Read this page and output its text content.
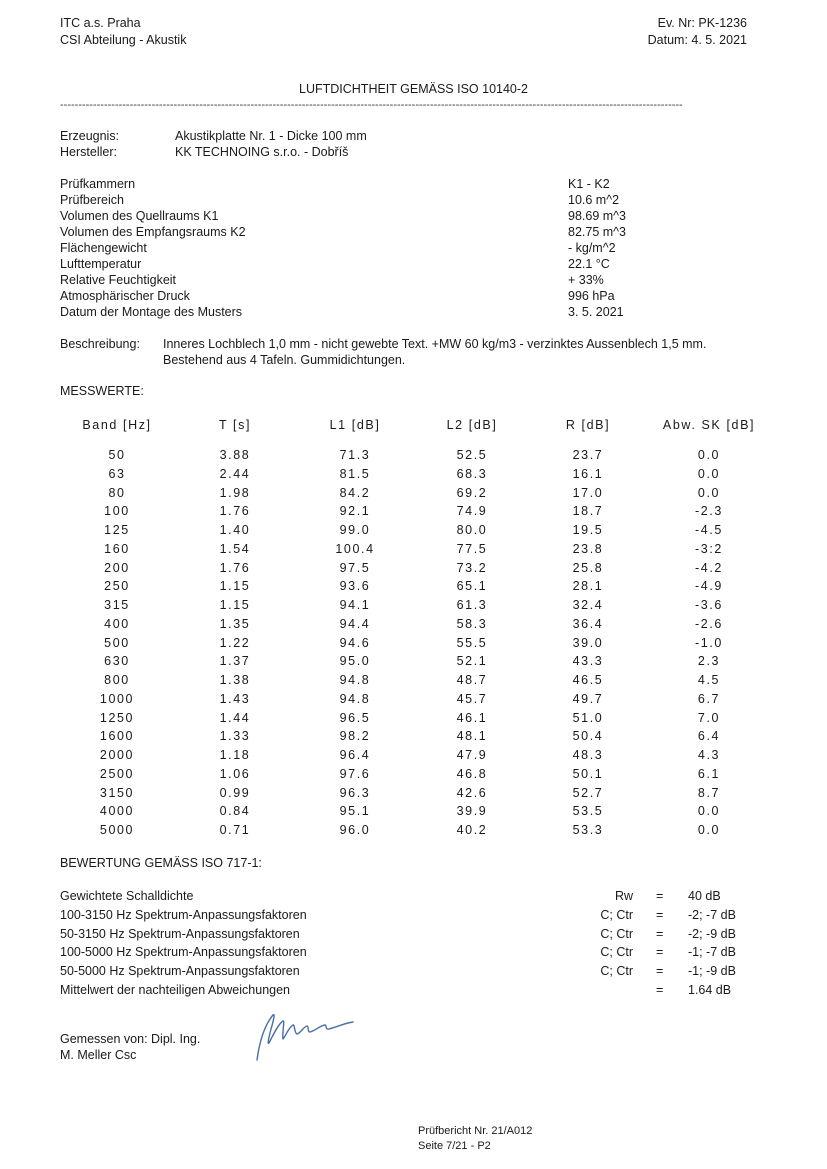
ITC a.s. Praha
CSI Abteilung - Akustik
Ev. Nr: PK-1236
Datum: 4. 5. 2021
LUFTDICHTHEIT GEMÄSS ISO 10140-2
--------------------------------------------------------------------------------------------------------------------------------------------------------------------------
Erzeugnis:	Akustikplatte Nr. 1 - Dicke 100 mm
Hersteller:	KK TECHNOING s.r.o. - Dobříš
Prüfkammern	K1 - K2
Prüfbereich	10.6 m^2
Volumen des Quellraums K1	98.69 m^3
Volumen des Empfangsraums K2	82.75 m^3
Flächengewicht	- kg/m^2
Lufttemperatur	22.1 °C
Relative Feuchtigkeit	+ 33%
Atmosphärischer Druck	996 hPa
Datum der Montage des Musters	3. 5. 2021
Beschreibung: Inneres Lochblech 1,0 mm - nicht gewebte Text. +MW 60 kg/m3 - verzinktes Aussenblech 1,5 mm.
Bestehend aus 4 Tafeln. Gummidichtungen.
MESSWERTE:
Band [Hz]	T [s]	L1 [dB]	L2 [dB]	R [dB]	Abw. SK [dB]
50	3.88	71.3	52.5	23.7	0.0
63	2.44	81.5	68.3	16.1	0.0
80	1.98	84.2	69.2	17.0	0.0
100	1.76	92.1	74.9	18.7	-2.3
125	1.40	99.0	80.0	19.5	-4.5
160	1.54	100.4	77.5	23.8	-3:2
200	1.76	97.5	73.2	25.8	-4.2
250	1.15	93.6	65.1	28.1	-4.9
315	1.15	94.1	61.3	32.4	-3.6
400	1.35	94.4	58.3	36.4	-2.6
500	1.22	94.6	55.5	39.0	-1.0
630	1.37	95.0	52.1	43.3	2.3
800	1.38	94.8	48.7	46.5	4.5
1000	1.43	94.8	45.7	49.7	6.7
1250	1.44	96.5	46.1	51.0	7.0
1600	1.33	98.2	48.1	50.4	6.4
2000	1.18	96.4	47.9	48.3	4.3
2500	1.06	97.6	46.8	50.1	6.1
3150	0.99	96.3	42.6	52.7	8.7
4000	0.84	95.1	39.9	53.5	0.0
5000	0.71	96.0	40.2	53.3	0.0
BEWERTUNG GEMÄSS ISO 717-1:
Gewichtete Schalldichte	Rw = 40 dB
100-3150 Hz Spektrum-Anpassungsfaktoren	C; Ctr = -2; -7 dB
50-3150 Hz Spektrum-Anpassungsfaktoren	C; Ctr = -2; -9 dB
100-5000 Hz Spektrum-Anpassungsfaktoren	C; Ctr = -1; -7 dB
50-5000 Hz Spektrum-Anpassungsfaktoren	C; Ctr = -1; -9 dB
Mittelwert der nachteiligen Abweichungen	= 1.64 dB
Gemessen von: Dipl. Ing.
M. Meller Csc
Prüfbericht Nr. 21/A012
Seite 7/21 - P2
